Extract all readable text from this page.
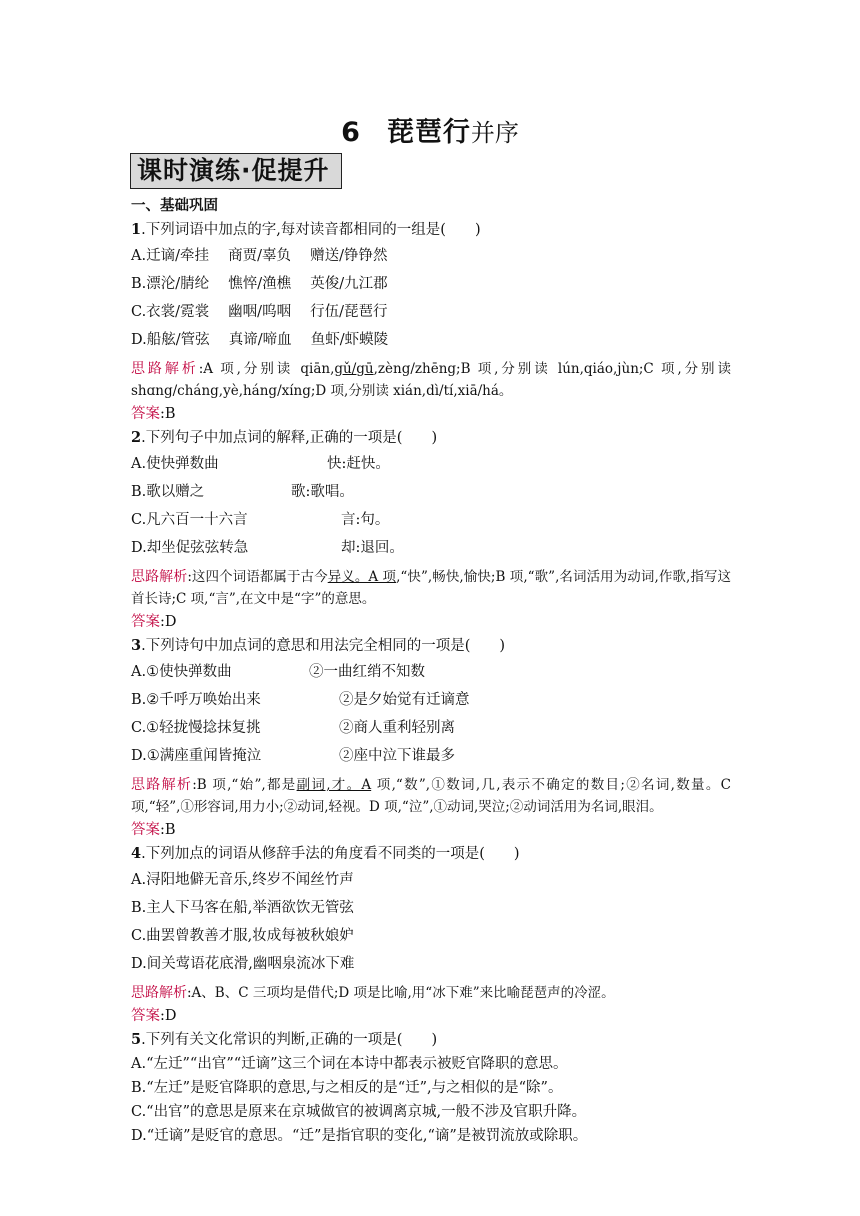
6 琵琶行并序
课时演练·促提升
一、基础巩固
1.下列词语中加点的字,每对读音都相同的一组是(　　)
A.迁谪/牵挂　 商贾/辜负　 赠送/铮铮然
B.漂沦/腈纶　 憔悴/渔樵　 英俊/九江郡
C.衣裳/霓裳　 幽咽/呜咽　 行伍/琵琶行
D.船舷/管弦　 真谛/啼血　 鱼虾/虾蟆陵
思路解析:A 项,分别读 qiān,gǔ/gū,zèng/zhēng;B 项,分别读 lún,qiáo,jùn;C 项,分别读 shɑng/cháng,yè,háng/xíng;D 项,分别读 xián,dì/tí,xiā/há。
答案:B
2.下列句子中加点词的解释,正确的一项是(　　)
A.使快弹数曲	快:赶快。
B.歌以赠之	歌:歌唱。
C.凡六百一十六言	言:句。
D.却坐促弦弦转急	却:退回。
思路解析:这四个词语都属于古今异义。A 项,“快”,畅快,愉快;B 项,“歌”,名词活用为动词,作歌,指写这首长诗;C 项,“言”,在文中是“字”的意思。
答案:D
3.下列诗句中加点词的意思和用法完全相同的一项是(　　)
A.①使快弹数曲	②一曲红绡不知数
B.②千呼万唤始出来	②是夕始觉有迁谪意
C.①轻拢慢捻抹复挑	②商人重利轻别离
D.①满座重闻皆掩泣	②座中泣下谁最多
思路解析:B 项,“始”,都是副词,才。A 项,“数”,①数词,几,表示不确定的数目;②名词,数量。C 项,“轻”,①形容词,用力小;②动词,轻视。D 项,“泣”,①动词,哭泣;②动词活用为名词,眼泪。
答案:B
4.下列加点的词语从修辞手法的角度看不同类的一项是(　　)
A.浔阳地僻无音乐,终岁不闻丝竹声
B.主人下马客在船,举酒欲饮无管弦
C.曲罢曾教善才服,妆成每被秋娘妒
D.间关莺语花底滑,幽咽泉流冰下难
思路解析:A、B、C 三项均是借代;D 项是比喻,用“冰下难”来比喻琵琶声的冷涩。
答案:D
5.下列有关文化常识的判断,正确的一项是(　　)
A.“左迁”“出官”“迁谪”这三个词在本诗中都表示被贬官降职的意思。
B.“左迁”是贬官降职的意思,与之相反的是“迁”,与之相似的是“除”。
C.“出官”的意思是原来在京城做官的被调离京城,一般不涉及官职升降。
D.“迁谪”是贬官的意思。“迁”是指官职的变化,“谪”是被罚流放或除职。
